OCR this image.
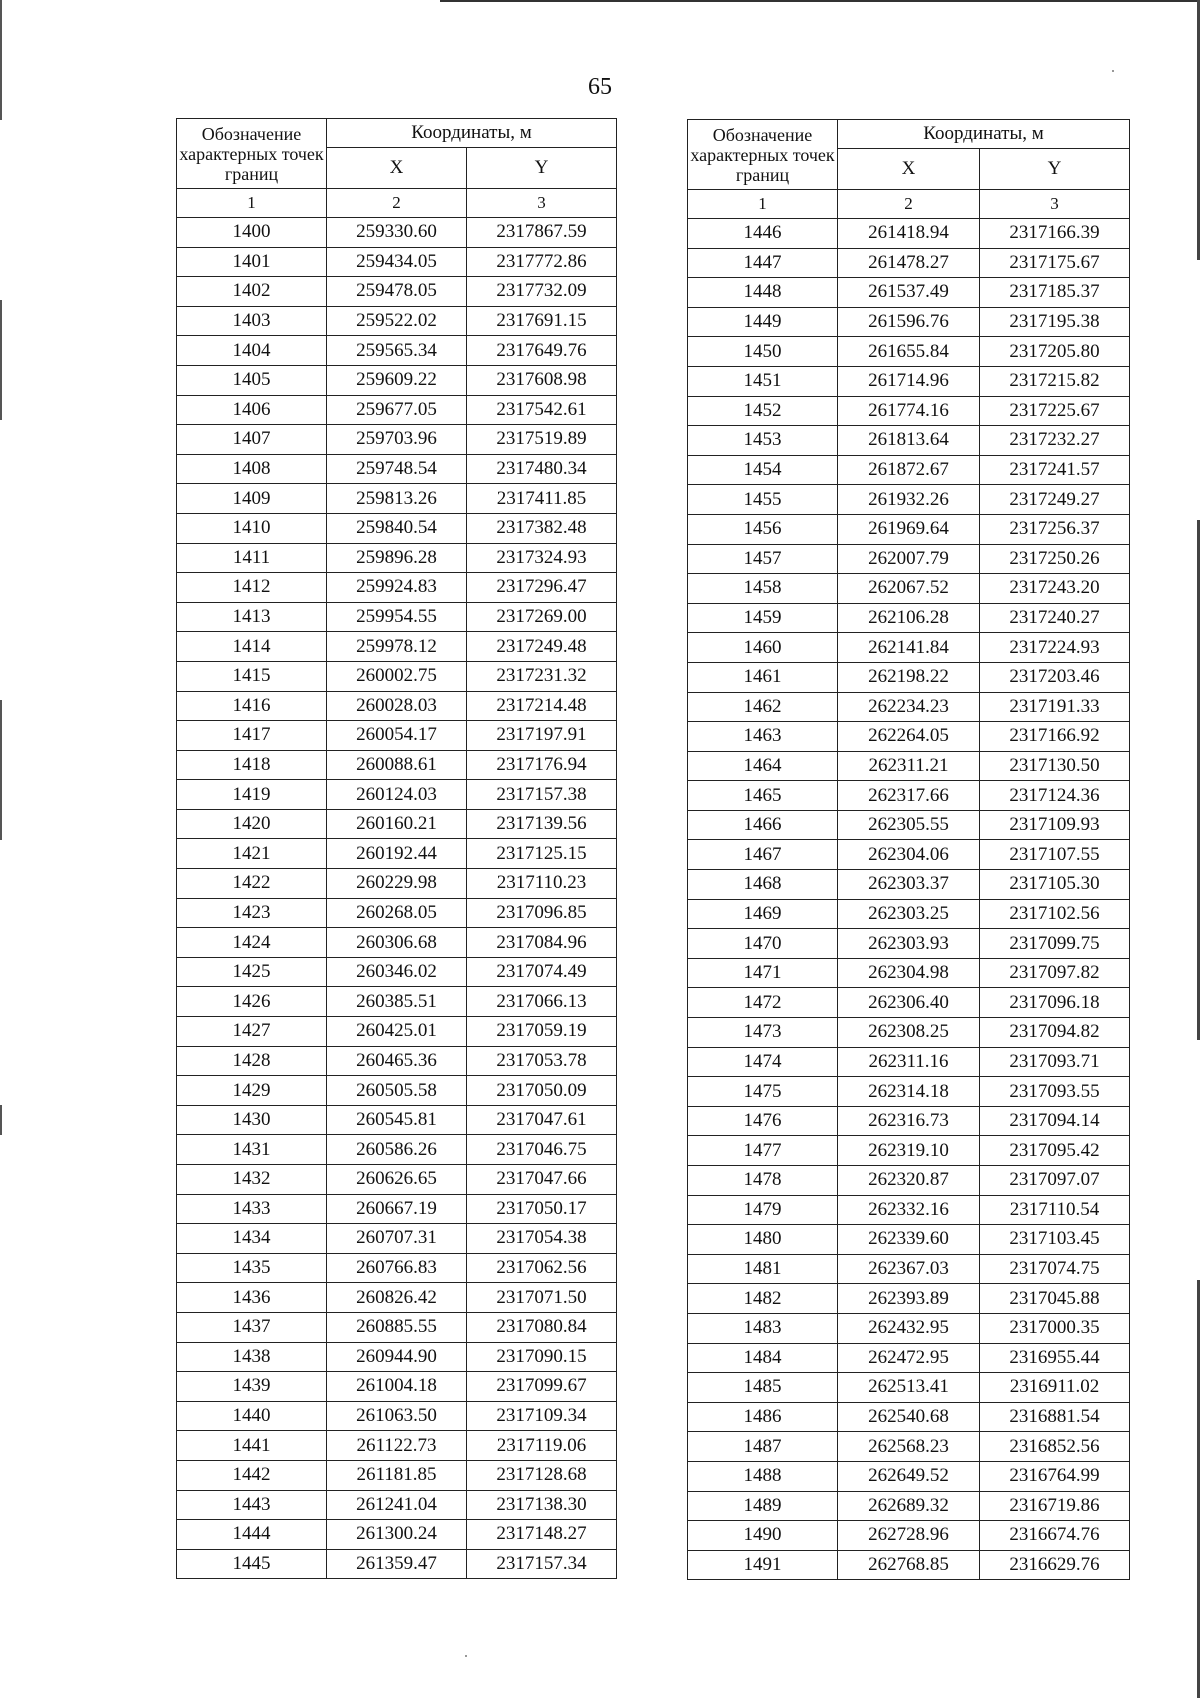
65
Обозначение характерных точек границ	Координаты, м	
	X	Y
1	2	3
1400	259330.60	2317867.59
1401	259434.05	2317772.86
1402	259478.05	2317732.09
1403	259522.02	2317691.15
1404	259565.34	2317649.76
1405	259609.22	2317608.98
1406	259677.05	2317542.61
1407	259703.96	2317519.89
1408	259748.54	2317480.34
1409	259813.26	2317411.85
1410	259840.54	2317382.48
1411	259896.28	2317324.93
1412	259924.83	2317296.47
1413	259954.55	2317269.00
1414	259978.12	2317249.48
1415	260002.75	2317231.32
1416	260028.03	2317214.48
1417	260054.17	2317197.91
1418	260088.61	2317176.94
1419	260124.03	2317157.38
1420	260160.21	2317139.56
1421	260192.44	2317125.15
1422	260229.98	2317110.23
1423	260268.05	2317096.85
1424	260306.68	2317084.96
1425	260346.02	2317074.49
1426	260385.51	2317066.13
1427	260425.01	2317059.19
1428	260465.36	2317053.78
1429	260505.58	2317050.09
1430	260545.81	2317047.61
1431	260586.26	2317046.75
1432	260626.65	2317047.66
1433	260667.19	2317050.17
1434	260707.31	2317054.38
1435	260766.83	2317062.56
1436	260826.42	2317071.50
1437	260885.55	2317080.84
1438	260944.90	2317090.15
1439	261004.18	2317099.67
1440	261063.50	2317109.34
1441	261122.73	2317119.06
1442	261181.85	2317128.68
1443	261241.04	2317138.30
1444	261300.24	2317148.27
1445	261359.47	2317157.34
Обозначение характерных точек границ	Координаты, м	
	X	Y
1	2	3
1446	261418.94	2317166.39
1447	261478.27	2317175.67
1448	261537.49	2317185.37
1449	261596.76	2317195.38
1450	261655.84	2317205.80
1451	261714.96	2317215.82
1452	261774.16	2317225.67
1453	261813.64	2317232.27
1454	261872.67	2317241.57
1455	261932.26	2317249.27
1456	261969.64	2317256.37
1457	262007.79	2317250.26
1458	262067.52	2317243.20
1459	262106.28	2317240.27
1460	262141.84	2317224.93
1461	262198.22	2317203.46
1462	262234.23	2317191.33
1463	262264.05	2317166.92
1464	262311.21	2317130.50
1465	262317.66	2317124.36
1466	262305.55	2317109.93
1467	262304.06	2317107.55
1468	262303.37	2317105.30
1469	262303.25	2317102.56
1470	262303.93	2317099.75
1471	262304.98	2317097.82
1472	262306.40	2317096.18
1473	262308.25	2317094.82
1474	262311.16	2317093.71
1475	262314.18	2317093.55
1476	262316.73	2317094.14
1477	262319.10	2317095.42
1478	262320.87	2317097.07
1479	262332.16	2317110.54
1480	262339.60	2317103.45
1481	262367.03	2317074.75
1482	262393.89	2317045.88
1483	262432.95	2317000.35
1484	262472.95	2316955.44
1485	262513.41	2316911.02
1486	262540.68	2316881.54
1487	262568.23	2316852.56
1488	262649.52	2316764.99
1489	262689.32	2316719.86
1490	262728.96	2316674.76
1491	262768.85	2316629.76
